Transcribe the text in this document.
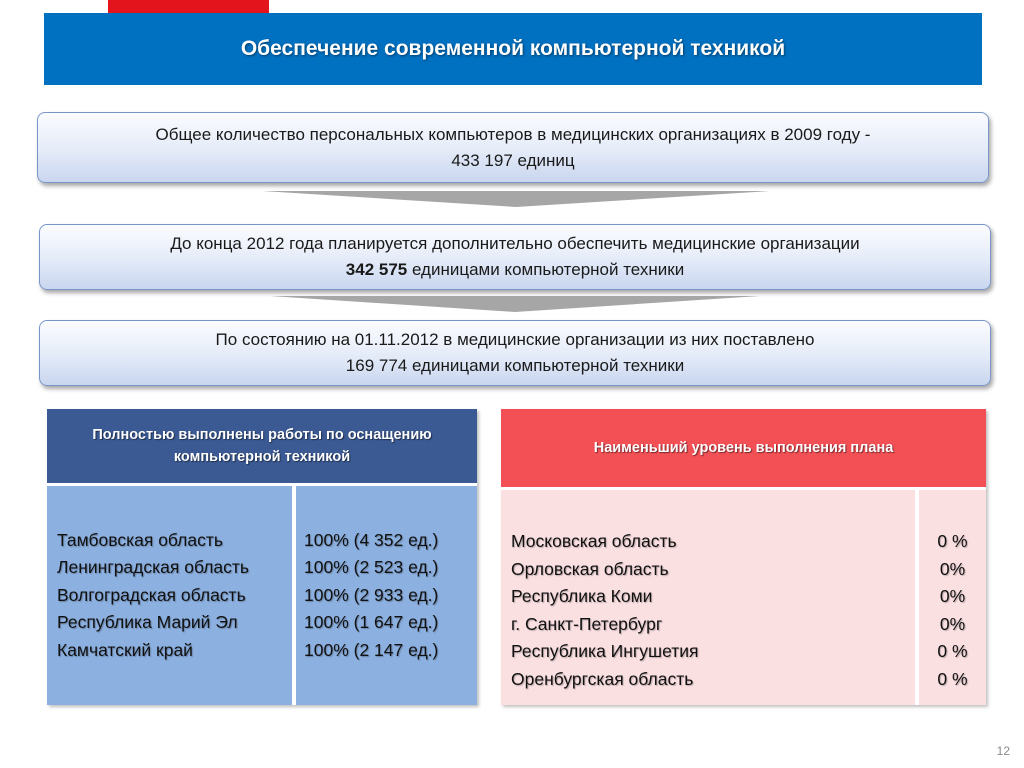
Обеспечение современной компьютерной техникой
Общее количество персональных компьютеров в медицинских организациях в 2009 году -
433 197 единиц
До конца 2012 года планируется дополнительно обеспечить медицинские организации
342 575 единицами компьютерной техники
По состоянию на 01.11.2012 в медицинские организации из них поставлено
169 774 единицами компьютерной техники
Полностью выполнены работы по оснащению компьютерной техникой
Тамбовская область
Ленинградская область
Волгоградская область
Республика Марий Эл
Камчатский край
100% (4 352 ед.)
100% (2 523 ед.)
100% (2 933 ед.)
100% (1 647 ед.)
100% (2 147 ед.)
Наименьший уровень выполнения плана
Московская область
Орловская область
Республика Коми
г. Санкт-Петербург
Республика Ингушетия
Оренбургская область
0 %
0%
0%
0%
0 %
0 %
12
